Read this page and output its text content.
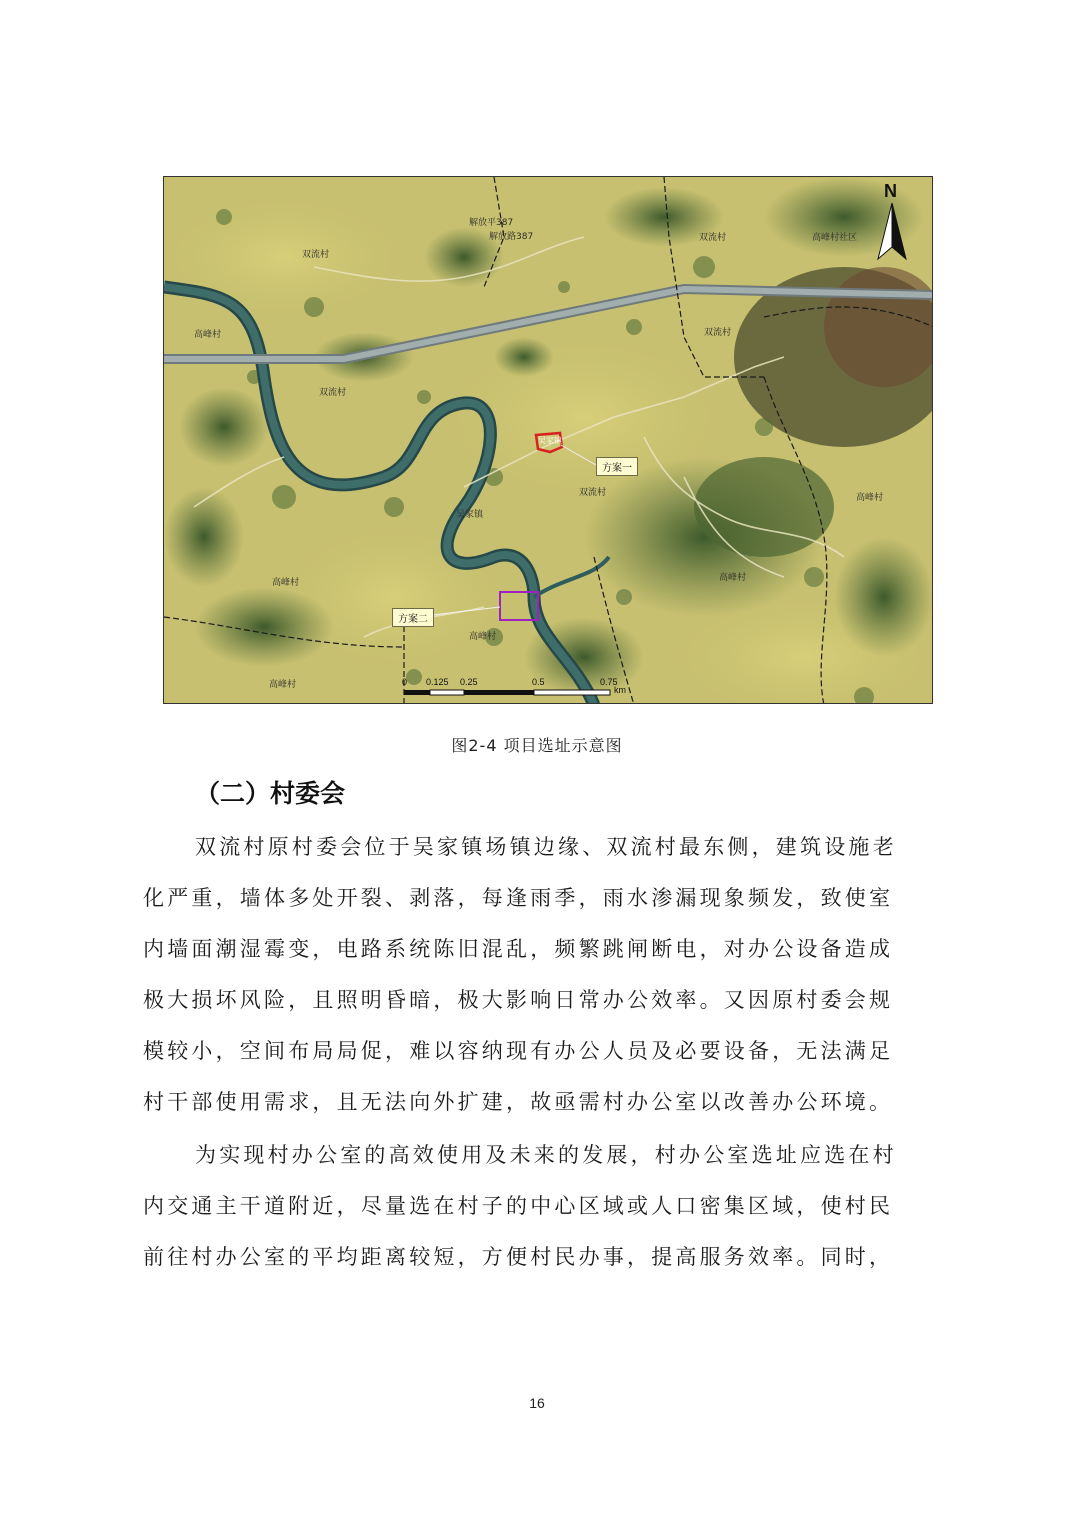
解放平387
解放路387
双流村
双流村	高峰村社区
高峰村	双流村
双流村
高峰村
双流村
高峰村
高峰村
高峰村
高峰村
吴家镇
吴家镇
方案一
方案二
N
0 0.125 0.25	0.5	0.75
km
图2-4 项目选址示意图
（二）村委会
双流村原村委会位于吴家镇场镇边缘、双流村最东侧，建筑设施老
化严重，墙体多处开裂、剥落，每逢雨季，雨水渗漏现象频发，致使室
内墙面潮湿霉变，电路系统陈旧混乱，频繁跳闸断电，对办公设备造成
极大损坏风险，且照明昏暗，极大影响日常办公效率。又因原村委会规
模较小，空间布局局促，难以容纳现有办公人员及必要设备，无法满足
村干部使用需求，且无法向外扩建，故亟需村办公室以改善办公环境。
为实现村办公室的高效使用及未来的发展，村办公室选址应选在村
内交通主干道附近，尽量选在村子的中心区域或人口密集区域，使村民
前往村办公室的平均距离较短，方便村民办事，提高服务效率。同时，
16
